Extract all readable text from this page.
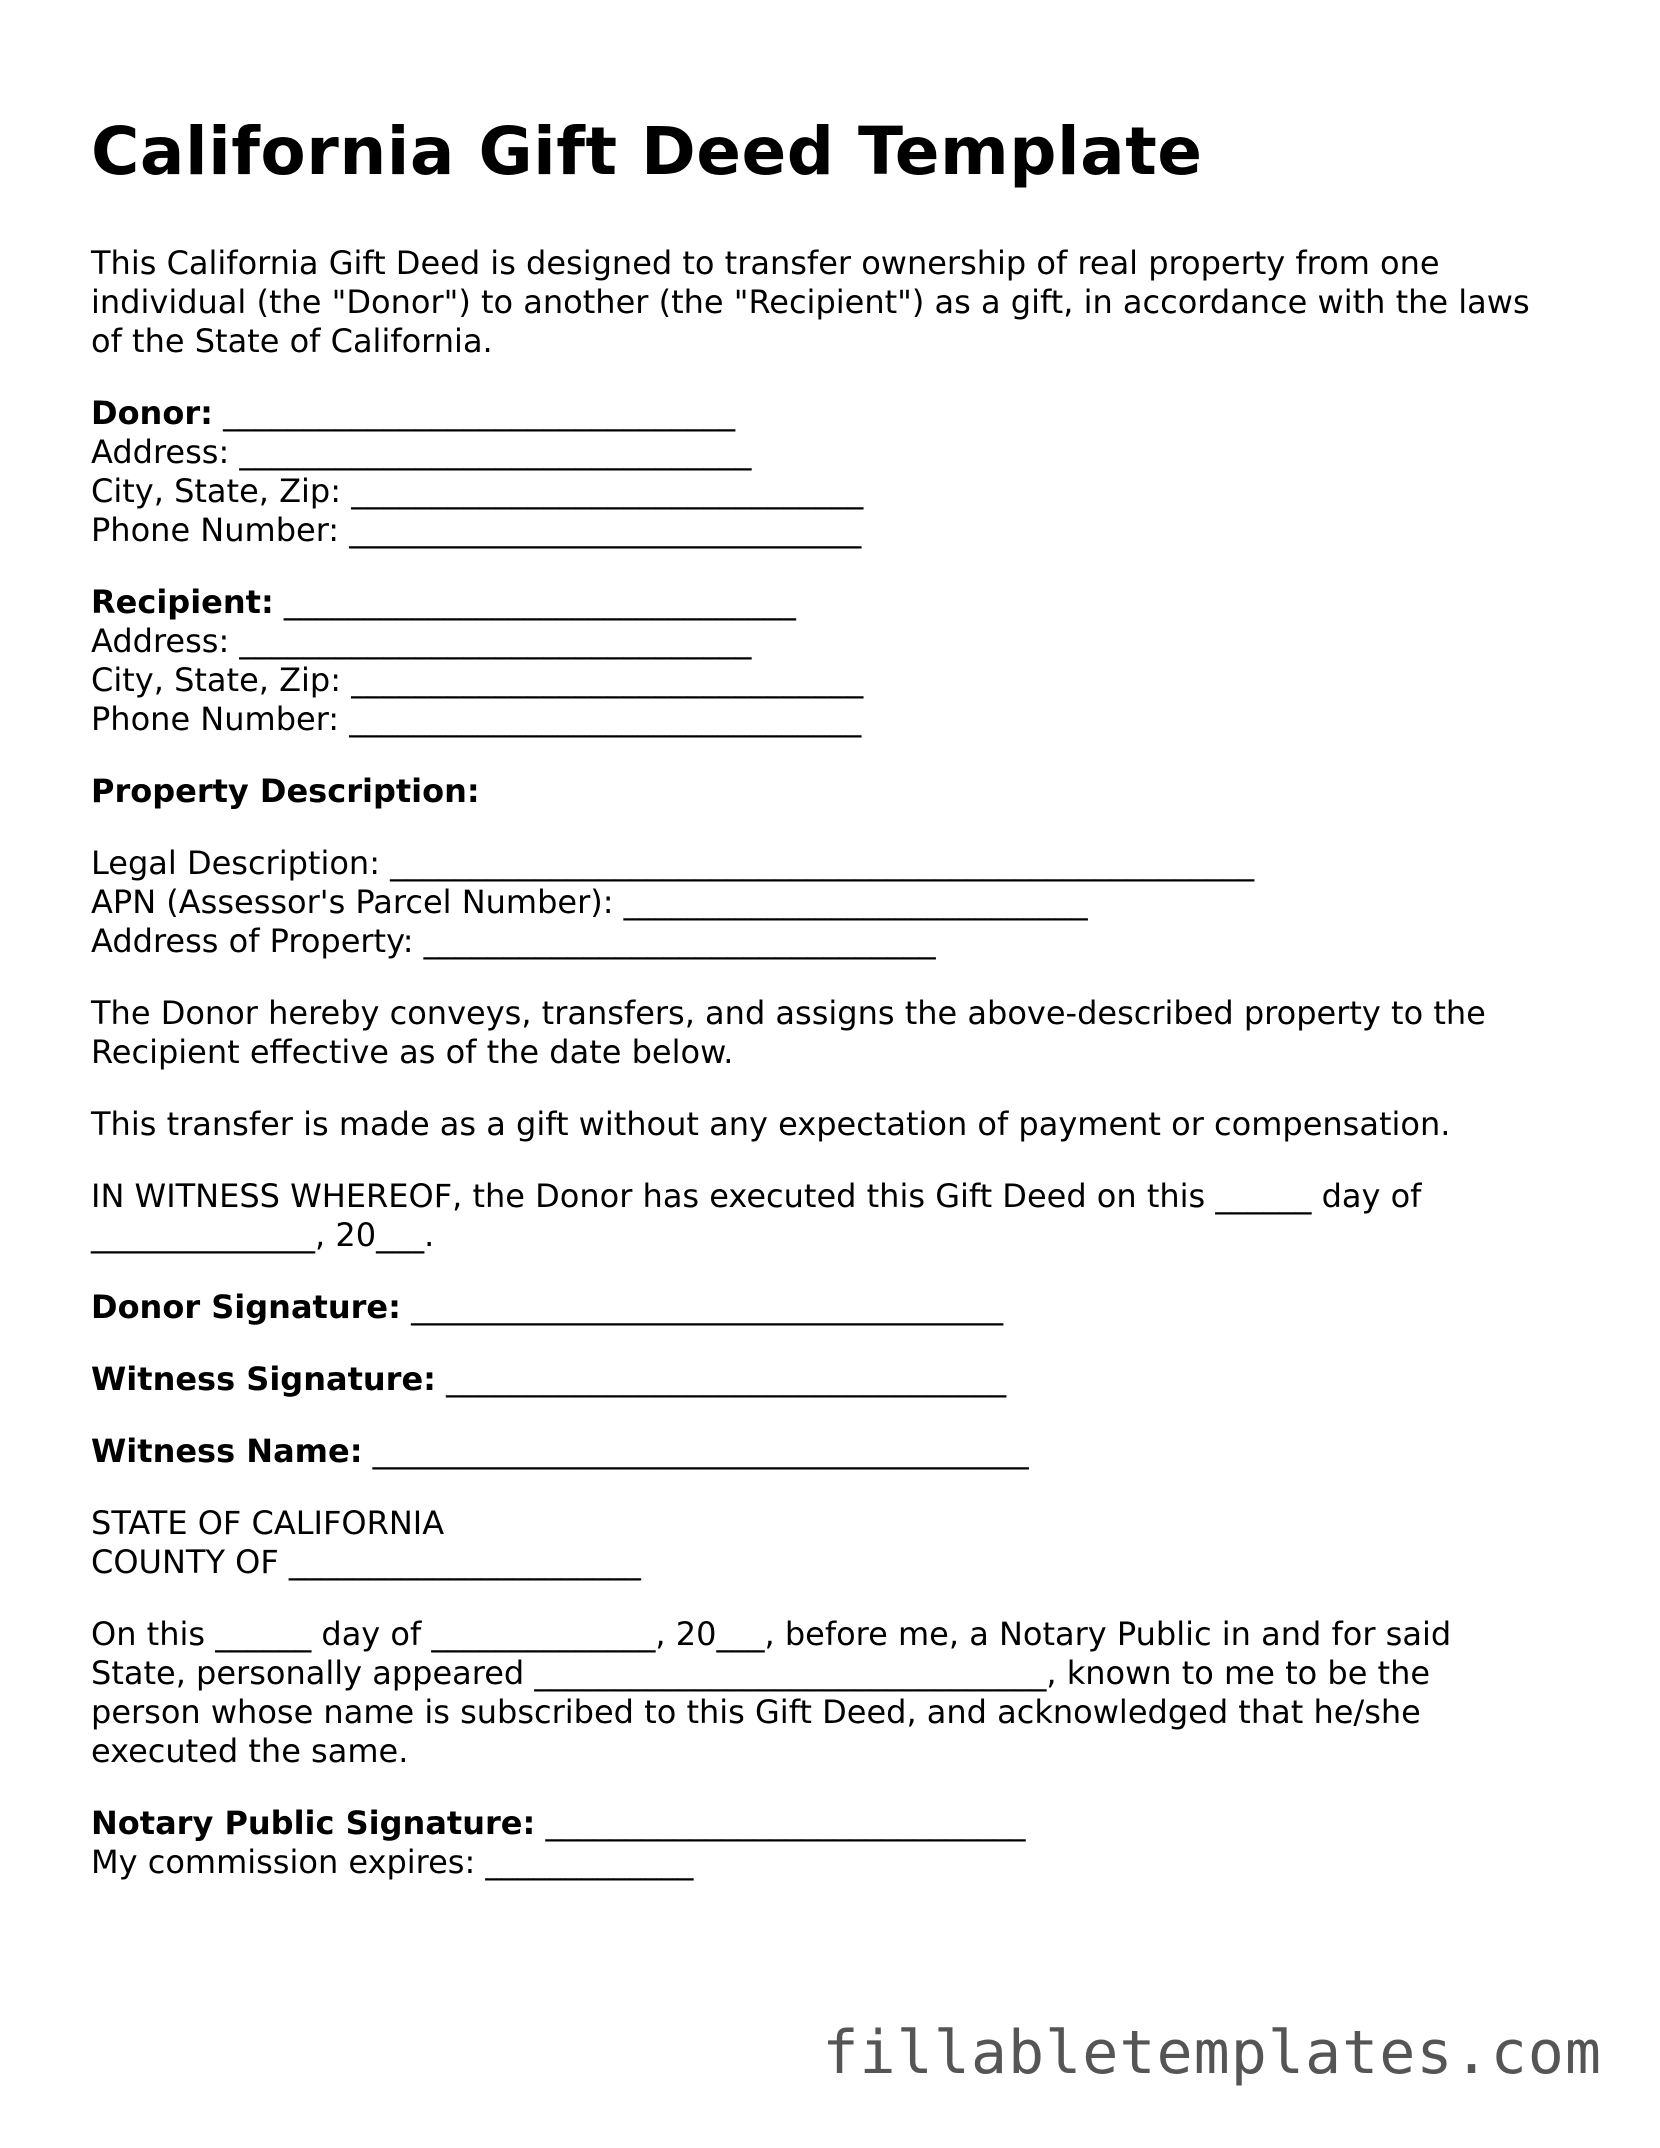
California Gift Deed Template
This California Gift Deed is designed to transfer ownership of real property from one
individual (the "Donor") to another (the "Recipient") as a gift, in accordance with the laws
of the State of California.
Donor: ________________________________
Address: ________________________________
City, State, Zip: ________________________________
Phone Number: ________________________________
Recipient: ________________________________
Address: ________________________________
City, State, Zip: ________________________________
Phone Number: ________________________________
Property Description:
Legal Description: ______________________________________________________
APN (Assessor's Parcel Number): _____________________________
Address of Property: ________________________________
The Donor hereby conveys, transfers, and assigns the above-described property to the
Recipient effective as of the date below.
This transfer is made as a gift without any expectation of payment or compensation.
IN WITNESS WHEREOF, the Donor has executed this Gift Deed on this ______ day of
______________, 20___.
Donor Signature: _____________________________________
Witness Signature: ___________________________________
Witness Name: _________________________________________
STATE OF CALIFORNIA
COUNTY OF ______________________
On this ______ day of ______________, 20___, before me, a Notary Public in and for said
State, personally appeared ________________________________, known to me to be the
person whose name is subscribed to this Gift Deed, and acknowledged that he/she
executed the same.
Notary Public Signature: ______________________________
My commission expires: _____________
fillabletemplates.com
